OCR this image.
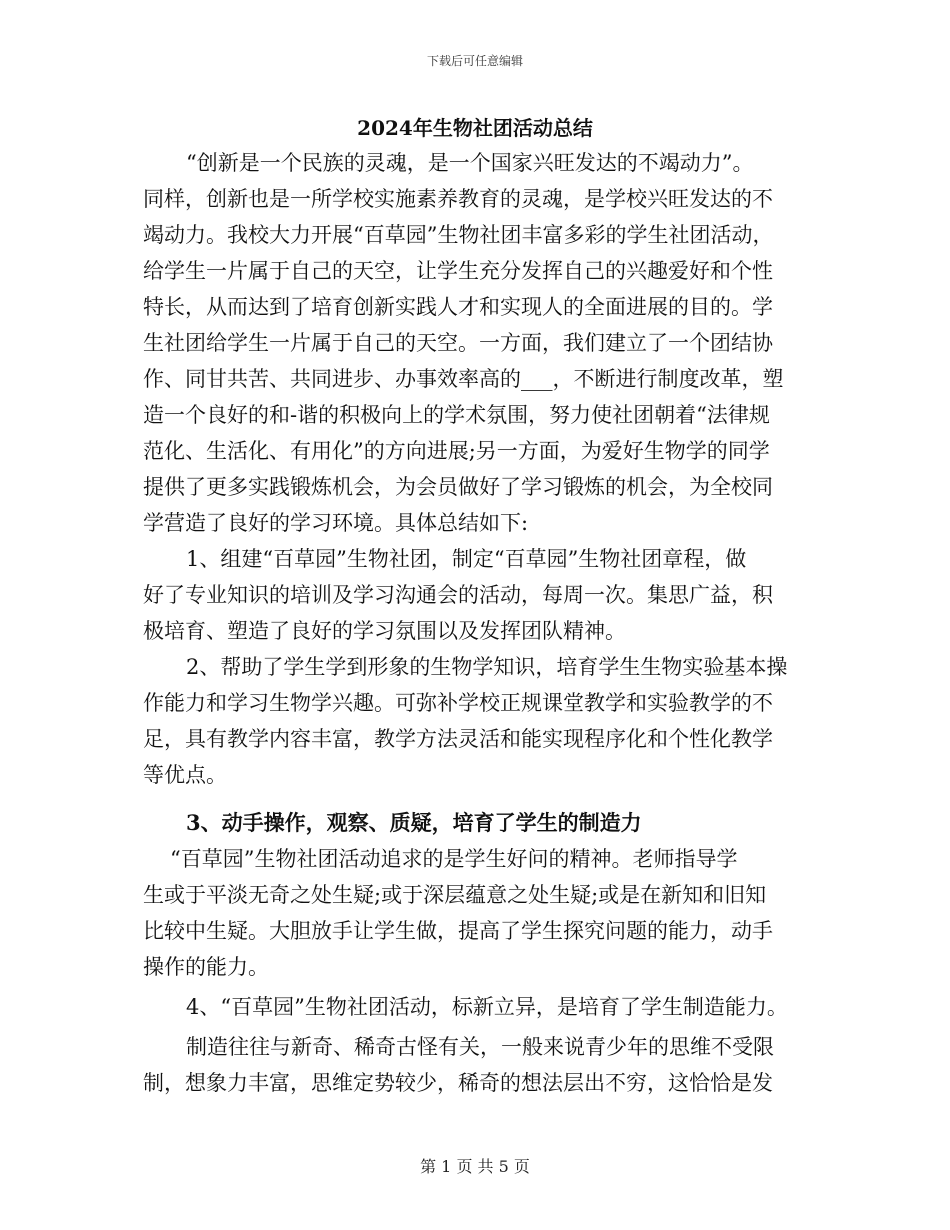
下载后可任意编辑
2024年生物社团活动总结
“创新是一个民族的灵魂，是一个国家兴旺发达的不竭动力”。
同样，创新也是一所学校实施素养教育的灵魂，是学校兴旺发达的不
竭动力。我校大力开展“百草园”生物社团丰富多彩的学生社团活动，
给学生一片属于自己的天空，让学生充分发挥自己的兴趣爱好和个性
特长，从而达到了培育创新实践人才和实现人的全面进展的目的。学
生社团给学生一片属于自己的天空。一方面，我们建立了一个团结协
作、同甘共苦、共同进步、办事效率高的___，不断进行制度改革，塑
造一个良好的和-谐的积极向上的学术氛围，努力使社团朝着“法律规
范化、生活化、有用化”的方向进展;另一方面，为爱好生物学的同学
提供了更多实践锻炼机会，为会员做好了学习锻炼的机会，为全校同
学营造了良好的学习环境。具体总结如下:
1、组建“百草园”生物社团，制定“百草园”生物社团章程，做
好了专业知识的培训及学习沟通会的活动，每周一次。集思广益，积
极培育、塑造了良好的学习氛围以及发挥团队精神。
2、帮助了学生学到形象的生物学知识，培育学生生物实验基本操
作能力和学习生物学兴趣。可弥补学校正规课堂教学和实验教学的不
足，具有教学内容丰富，教学方法灵活和能实现程序化和个性化教学
等优点。
3、动手操作，观察、质疑，培育了学生的制造力
“百草园”生物社团活动追求的是学生好问的精神。老师指导学
生或于平淡无奇之处生疑;或于深层蕴意之处生疑;或是在新知和旧知
比较中生疑。大胆放手让学生做，提高了学生探究问题的能力，动手
操作的能力。
4、“百草园”生物社团活动，标新立异，是培育了学生制造能力。
制造往往与新奇、稀奇古怪有关，一般来说青少年的思维不受限
制，想象力丰富，思维定势较少，稀奇的想法层出不穷，这恰恰是发
第 1 页 共 5 页
